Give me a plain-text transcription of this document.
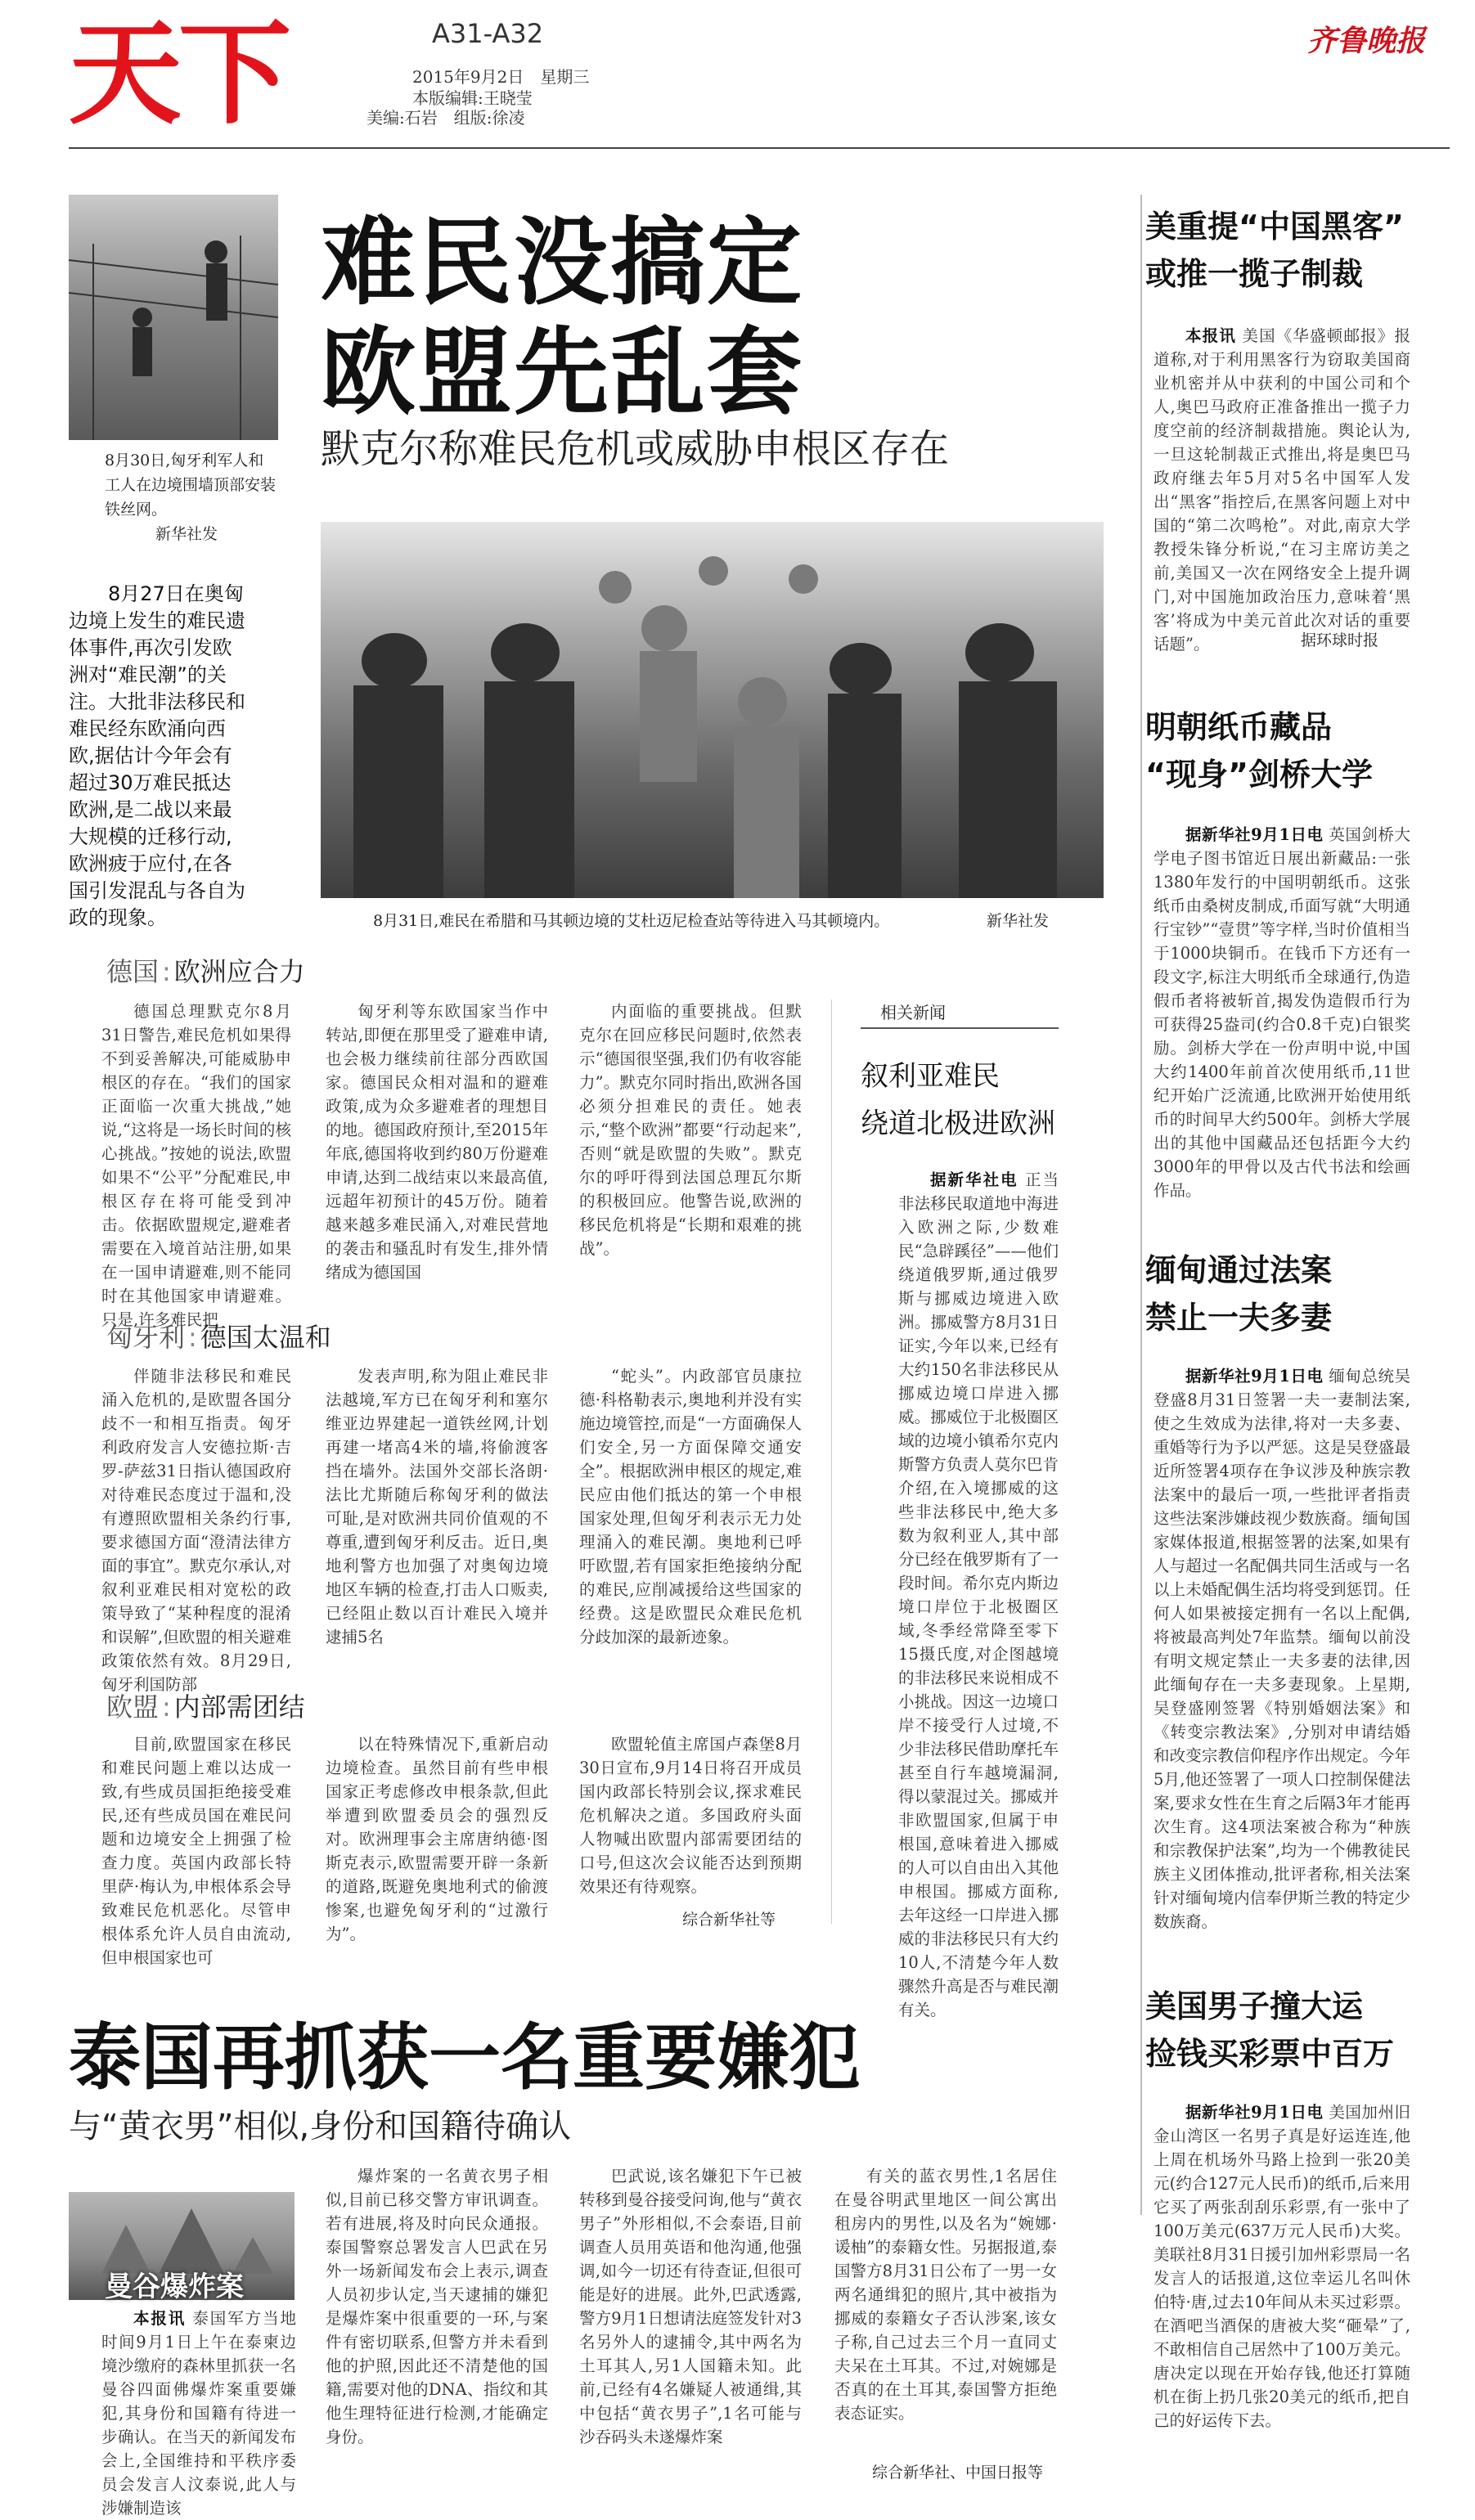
天下	A31-A32
2015年9月2日　星期三
本版编辑:王晓莹
美编:石岩　组版:徐凌
齐鲁晚报
8月30日,匈牙利军人和工人在边境围墙顶部安装铁丝网。
新华社发
难民没搞定
欧盟先乱套
默克尔称难民危机或威胁申根区存在
8月27日在奥匈边境上发生的难民遗体事件,再次引发欧洲对“难民潮”的关注。大批非法移民和难民经东欧涌向西欧,据估计今年会有超过30万难民抵达欧洲,是二战以来最大规模的迁移行动,欧洲疲于应付,在各国引发混乱与各自为政的现象。	8月31日,难民在希腊和马其顿边境的艾杜迈尼检查站等待进入马其顿境内。	新华社发
德国 : 欧洲应合力
德国总理默克尔8月31日警告,难民危机如果得不到妥善解决,可能威胁申根区的存在。“我们的国家正面临一次重大挑战,”她说,“这将是一场长时间的核心挑战。”按她的说法,欧盟如果不“公平”分配难民,申根区存在将可能受到冲击。依据欧盟规定,避难者需要在入境首站注册,如果在一国申请避难,则不能同时在其他国家申请避难。只是,许多难民把
匈牙利等东欧国家当作中转站,即便在那里受了避难申请,也会极力继续前往部分西欧国家。德国民众相对温和的避难政策,成为众多避难者的理想目的地。德国政府预计,至2015年年底,德国将收到约80万份避难申请,达到二战结束以来最高值,远超年初预计的45万份。随着越来越多难民涌入,对难民营地的袭击和骚乱时有发生,排外情绪成为德国国
内面临的重要挑战。但默克尔在回应移民问题时,依然表示“德国很坚强,我们仍有收容能力”。默克尔同时指出,欧洲各国必须分担难民的责任。她表示,“整个欧洲”都要“行动起来”,否则“就是欧盟的失败”。默克尔的呼吁得到法国总理瓦尔斯的积极回应。他警告说,欧洲的移民危机将是“长期和艰难的挑战”。
匈牙利 : 德国太温和
伴随非法移民和难民涌入危机的,是欧盟各国分歧不一和相互指责。匈牙利政府发言人安德拉斯·吉罗-萨兹31日指认德国政府对待难民态度过于温和,没有遵照欧盟相关条约行事,要求德国方面“澄清法律方面的事宜”。默克尔承认,对叙利亚难民相对宽松的政策导致了“某种程度的混淆和误解”,但欧盟的相关避难政策依然有效。8月29日,匈牙利国防部
发表声明,称为阻止难民非法越境,军方已在匈牙利和塞尔维亚边界建起一道铁丝网,计划再建一堵高4米的墙,将偷渡客挡在墙外。法国外交部长洛朗·法比尤斯随后称匈牙利的做法可耻,是对欧洲共同价值观的不尊重,遭到匈牙利反击。近日,奥地利警方也加强了对奥匈边境地区车辆的检查,打击人口贩卖,已经阻止数以百计难民入境并逮捕5名
“蛇头”。内政部官员康拉德·科格勒表示,奥地利并没有实施边境管控,而是“一方面确保人们安全,另一方面保障交通安全”。根据欧洲申根区的规定,难民应由他们抵达的第一个申根国家处理,但匈牙利表示无力处理涌入的难民潮。奥地利已呼吁欧盟,若有国家拒绝接纳分配的难民,应削减援给这些国家的经费。这是欧盟民众难民危机分歧加深的最新迹象。
欧盟 : 内部需团结
目前,欧盟国家在移民和难民问题上难以达成一致,有些成员国拒绝接受难民,还有些成员国在难民问题和边境安全上拥强了检查力度。英国内政部长特里萨·梅认为,申根体系会导致难民危机恶化。尽管申根体系允许人员自由流动,但申根国家也可
以在特殊情况下,重新启动边境检查。虽然目前有些申根国家正考虑修改申根条款,但此举遭到欧盟委员会的强烈反对。欧洲理事会主席唐纳德·图斯克表示,欧盟需要开辟一条新的道路,既避免奥地利式的偷渡惨案,也避免匈牙利的“过激行为”。
欧盟轮值主席国卢森堡8月30日宣布,9月14日将召开成员国内政部长特别会议,探求难民危机解决之道。多国政府头面人物喊出欧盟内部需要团结的口号,但这次会议能否达到预期效果还有待观察。
综合新华社等
相关新闻
叙利亚难民
绕道北极进欧洲
据新华社电 正当非法移民取道地中海进入欧洲之际,少数难民“急辟蹊径”——他们绕道俄罗斯,通过俄罗斯与挪威边境进入欧洲。挪威警方8月31日证实,今年以来,已经有大约150名非法移民从挪威边境口岸进入挪威。挪威位于北极圈区域的边境小镇希尔克内斯警方负责人莫尔巴肯介绍,在入境挪威的这些非法移民中,绝大多数为叙利亚人,其中部分已经在俄罗斯有了一段时间。希尔克内斯边境口岸位于北极圈区域,冬季经常降至零下15摄氏度,对企图越境的非法移民来说相成不小挑战。因这一边境口岸不接受行人过境,不少非法移民借助摩托车甚至自行车越境漏洞,得以蒙混过关。挪威并非欧盟国家,但属于申根国,意味着进入挪威的人可以自由出入其他申根国。挪威方面称,去年这经一口岸进入挪威的非法移民只有大约10人,不清楚今年人数骤然升高是否与难民潮有关。
美重提“中国黑客”
或推一揽子制裁
本报讯 美国《华盛顿邮报》报道称,对于利用黑客行为窃取美国商业机密并从中获利的中国公司和个人,奥巴马政府正准备推出一揽子力度空前的经济制裁措施。舆论认为,一旦这轮制裁正式推出,将是奥巴马政府继去年5月对5名中国军人发出“黑客”指控后,在黑客问题上对中国的“第二次鸣枪”。对此,南京大学教授朱锋分析说,“在习主席访美之前,美国又一次在网络安全上提升调门,对中国施加政治压力,意味着‘黑客’将成为中美元首此次对话的重要话题”。	据环球时报
明朝纸币藏品
“现身”剑桥大学
据新华社9月1日电 英国剑桥大学电子图书馆近日展出新藏品:一张1380年发行的中国明朝纸币。这张纸币由桑树皮制成,币面写就“大明通行宝钞”“壹贯”等字样,当时价值相当于1000块铜币。在钱币下方还有一段文字,标注大明纸币全球通行,伪造假币者将被斩首,揭发伪造假币行为可获得25盎司(约合0.8千克)白银奖励。剑桥大学在一份声明中说,中国大约1400年前首次使用纸币,11世纪开始广泛流通,比欧洲开始使用纸币的时间早大约500年。剑桥大学展出的其他中国藏品还包括距今大约3000年的甲骨以及古代书法和绘画作品。
缅甸通过法案
禁止一夫多妻
据新华社9月1日电 缅甸总统吴登盛8月31日签署一夫一妻制法案,使之生效成为法律,将对一夫多妻、重婚等行为予以严惩。这是吴登盛最近所签署4项存在争议涉及种族宗教法案中的最后一项,一些批评者指责这些法案涉嫌歧视少数族裔。缅甸国家媒体报道,根据签署的法案,如果有人与超过一名配偶共同生活或与一名以上未婚配偶生活均将受到惩罚。任何人如果被接定拥有一名以上配偶,将被最高判处7年监禁。缅甸以前没有明文规定禁止一夫多妻的法律,因此缅甸存在一夫多妻现象。上星期,吴登盛刚签署《特别婚姻法案》和《转变宗教法案》,分别对申请结婚和改变宗教信仰程序作出规定。今年5月,他还签署了一项人口控制保健法案,要求女性在生育之后隔3年才能再次生育。这4项法案被合称为“种族和宗教保护法案”,均为一个佛教徒民族主义团体推动,批评者称,相关法案针对缅甸境内信奉伊斯兰教的特定少数族裔。
美国男子撞大运
捡钱买彩票中百万
据新华社9月1日电 美国加州旧金山湾区一名男子真是好运连连,他上周在机场外马路上捡到一张20美元(约合127元人民币)的纸币,后来用它买了两张刮刮乐彩票,有一张中了100万美元(637万元人民币)大奖。美联社8月31日援引加州彩票局一名发言人的话报道,这位幸运儿名叫休伯特·唐,过去10年间从未买过彩票。在酒吧当酒保的唐被大奖“砸晕”了,不敢相信自己居然中了100万美元。唐决定以现在开始存钱,他还打算随机在街上扔几张20美元的纸币,把自己的好运传下去。
泰国再抓获一名重要嫌犯
与“黄衣男”相似,身份和国籍待确认
曼谷爆炸案
本报讯 泰国军方当地时间9月1日上午在泰柬边境沙缴府的森林里抓获一名曼谷四面佛爆炸案重要嫌犯,其身份和国籍有待进一步确认。在当天的新闻发布会上,全国维持和平秩序委员会发言人汶泰说,此人与涉嫌制造该
爆炸案的一名黄衣男子相似,目前已移交警方审讯调查。若有进展,将及时向民众通报。泰国警察总署发言人巴武在另外一场新闻发布会上表示,调查人员初步认定,当天逮捕的嫌犯是爆炸案中很重要的一环,与案件有密切联系,但警方并未看到他的护照,因此还不清楚他的国籍,需要对他的DNA、指纹和其他生理特征进行检测,才能确定身份。
巴武说,该名嫌犯下午已被转移到曼谷接受问询,他与“黄衣男子”外形相似,不会泰语,目前调查人员用英语和他沟通,他强调,如今一切还有待查证,但很可能是好的进展。此外,巴武透露,警方9月1日想请法庭签发针对3名另外人的逮捕令,其中两名为土耳其人,另1人国籍未知。此前,已经有4名嫌疑人被通缉,其中包括“黄衣男子”,1名可能与沙吞码头未遂爆炸案
有关的蓝衣男性,1名居住在曼谷明武里地区一间公寓出租房内的男性,以及名为“婉娜·谖柚”的泰籍女性。另据报道,泰国警方8月31日公布了一男一女两名通缉犯的照片,其中被指为挪威的泰籍女子否认涉案,该女子称,自己过去三个月一直同丈夫呆在土耳其。不过,对婉娜是否真的在土耳其,泰国警方拒绝表态证实。
综合新华社、中国日报等
